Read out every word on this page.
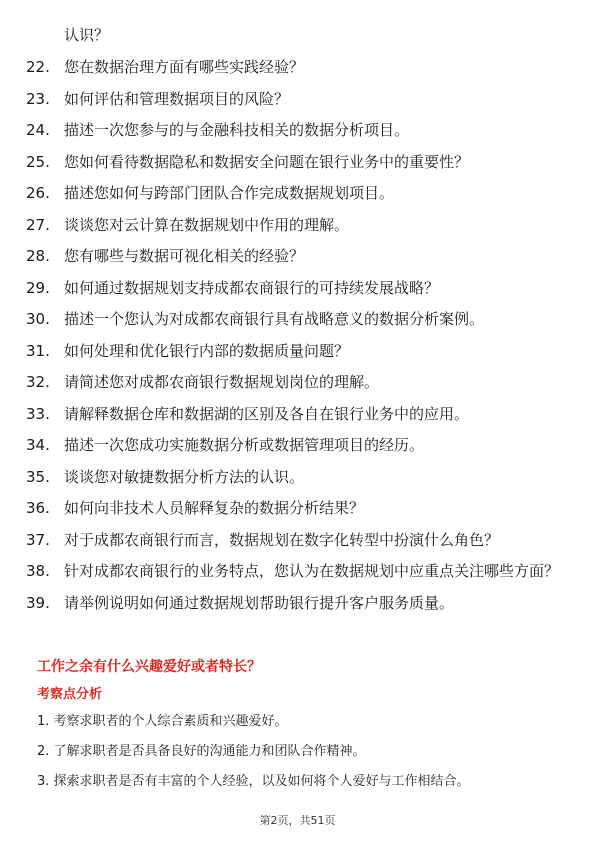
认识？
22. 您在数据治理方面有哪些实践经验？
23. 如何评估和管理数据项目的风险？
24. 描述一次您参与的与金融科技相关的数据分析项目。
25. 您如何看待数据隐私和数据安全问题在银行业务中的重要性？
26. 描述您如何与跨部门团队合作完成数据规划项目。
27. 谈谈您对云计算在数据规划中作用的理解。
28. 您有哪些与数据可视化相关的经验？
29. 如何通过数据规划支持成都农商银行的可持续发展战略？
30. 描述一个您认为对成都农商银行具有战略意义的数据分析案例。
31. 如何处理和优化银行内部的数据质量问题？
32. 请简述您对成都农商银行数据规划岗位的理解。
33. 请解释数据仓库和数据湖的区别及各自在银行业务中的应用。
34. 描述一次您成功实施数据分析或数据管理项目的经历。
35. 谈谈您对敏捷数据分析方法的认识。
36. 如何向非技术人员解释复杂的数据分析结果？
37. 对于成都农商银行而言，数据规划在数字化转型中扮演什么角色？
38. 针对成都农商银行的业务特点，您认为在数据规划中应重点关注哪些方面？
39. 请举例说明如何通过数据规划帮助银行提升客户服务质量。
工作之余有什么兴趣爱好或者特长？
考察点分析
1. 考察求职者的个人综合素质和兴趣爱好。
2. 了解求职者是否具备良好的沟通能力和团队合作精神。
3. 探索求职者是否有丰富的个人经验，以及如何将个人爱好与工作相结合。
第2页，共51页
